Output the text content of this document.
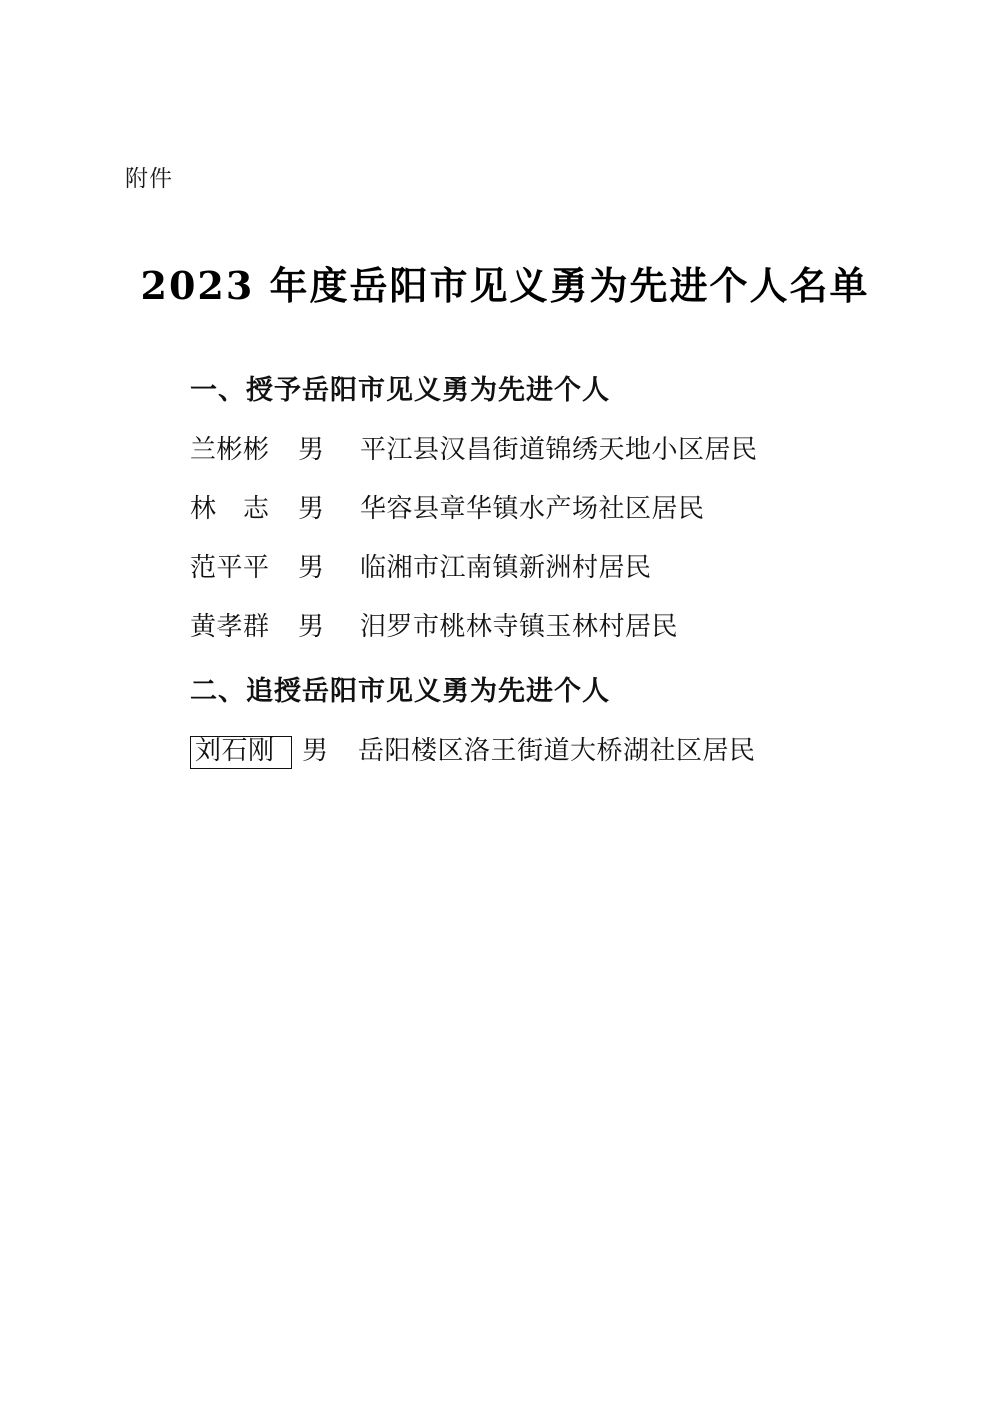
附件
2023 年度岳阳市见义勇为先进个人名单
一、授予岳阳市见义勇为先进个人
兰彬彬	男	平江县汉昌街道锦绣天地小区居民
林　志	男	华容县章华镇水产场社区居民
范平平	男	临湘市江南镇新洲村居民
黄孝群	男	汨罗市桃林寺镇玉林村居民
二、追授岳阳市见义勇为先进个人
刘石刚	男	岳阳楼区洛王街道大桥湖社区居民
